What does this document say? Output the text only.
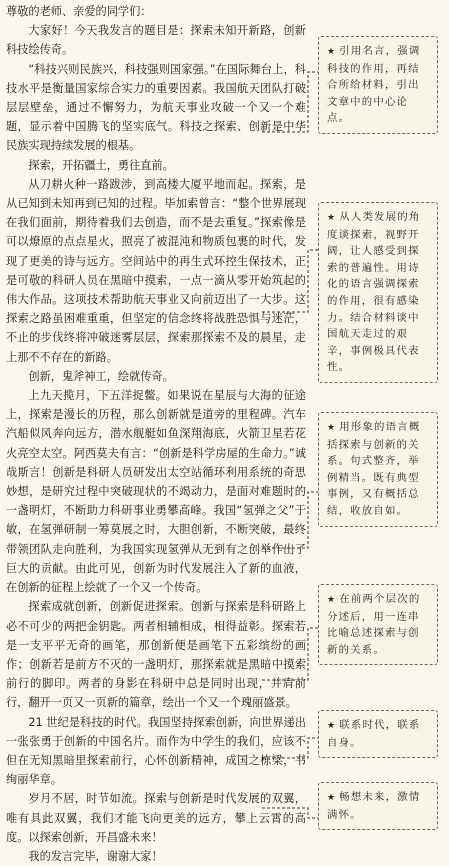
尊敬的老师、亲爱的同学们：

大家好！今天我发言的题目是：探索未知开新路，创新科技绘传奇。

“科技兴则民族兴，科技强则国家强。”在国际舞台上，科技水平是衡量国家综合实力的重要因素。我国航天团队打破层层壁垒，通过不懈努力，为航天事业攻破一个又一个难题，显示着中国腾飞的坚实底气。科技之探索、创新是中华民族实现持续发展的根基。

探索，开拓疆土，勇往直前。

从刀耕火种一路跋涉，到高楼大厦平地而起。探索，是从已知到未知再到已知的过程。毕加索曾言：“整个世界展现在我们面前，期待着我们去创造，而不是去重复。”探索像是可以燎原的点点星火，照亮了被混沌和物质包裹的时代，发现了更美的诗与远方。空间站中的再生式环控生保技术，正是可敬的科研人员在黑暗中摸索，一点一滴从零开始筑起的伟大作品。这项技术帮助航天事业又向前迈出了一大步。这探索之路虽困难重重，但坚定的信念终将战胜恐惧与迷茫，不止的步伐终将冲破迷雾层层，探索那探索不及的晨星，走上那不不存在的新路。

创新，鬼斧神工，绘就传奇。

上九天揽月，下五洋捉鳖。如果说在星辰与大海的征途上，探索是漫长的历程，那么创新就是道旁的里程碑。汽车汽船似风奔向远方，潜水舰艇如鱼深翔海底，火箭卫星若花火亮空太空。阿西莫夫有言：“创新是科学房屋的生命力。”诚哉斯言！创新是科研人员研发出太空站循环利用系统的奇思妙想，是研究过程中突破现状的不竭动力，是面对难题时的一盏明灯，不断助力科研事业勇攀高峰。我国“氢弹之父”于敏，在氢弹研制一筹莫展之时，大胆创新，不断突破，最终带领团队走向胜利，为我国实现氢弹从无到有之创举作出了巨大的贡献。由此可见，创新为时代发展注入了新的血液，在创新的征程上绘就了一个又一个传奇。

探索成就创新，创新促进探索。创新与探索是科研路上必不可少的两把金钥匙。两者相辅相成，相得益彰。探索若是一支平平无奇的画笔，那创新便是画笔下五彩缤纷的画作；创新若是前方不灭的一盏明灯，那探索就是黑暗中摸索前行的脚印。两者的身影在科研中总是同时出现，并肩前行，翻开一页又一页新的篇章，绘出一个又一个瑰丽盛景。

21 世纪是科技的时代。我国坚持探索创新，向世界递出一张张勇于创新的中国名片。而作为中学生的我们，应该不但在无知黑暗里探索前行，心怀创新精神，成国之栋梁，书绚丽华章。

岁月不居，时节如流。探索与创新是时代发展的双翼，唯有具此双翼，我们才能飞向更美的远方，攀上云霄的高度。以探索创新，开昌盛未来！

我的发言完毕，谢谢大家！

★ 引用名言，强调科技的作用，再结合所给材料，引出文章中的中心论点。
★ 从人类发展的角度谈探索，视野开阔，让人感受到探索的普遍性。用诗化的语言强调探索的作用，很有感染力。结合材料谈中国航天走过的艰辛，事例极具代表性。
★ 用形象的语言概括探索与创新的关系。句式整齐，举例精当。既有典型事例，又有概括总结，收放自如。
★ 在前两个层次的分述后，用一连串比喻总述探索与创新的关系。
★ 联系时代，联系自身。
★ 畅想未来，激情满怀。
